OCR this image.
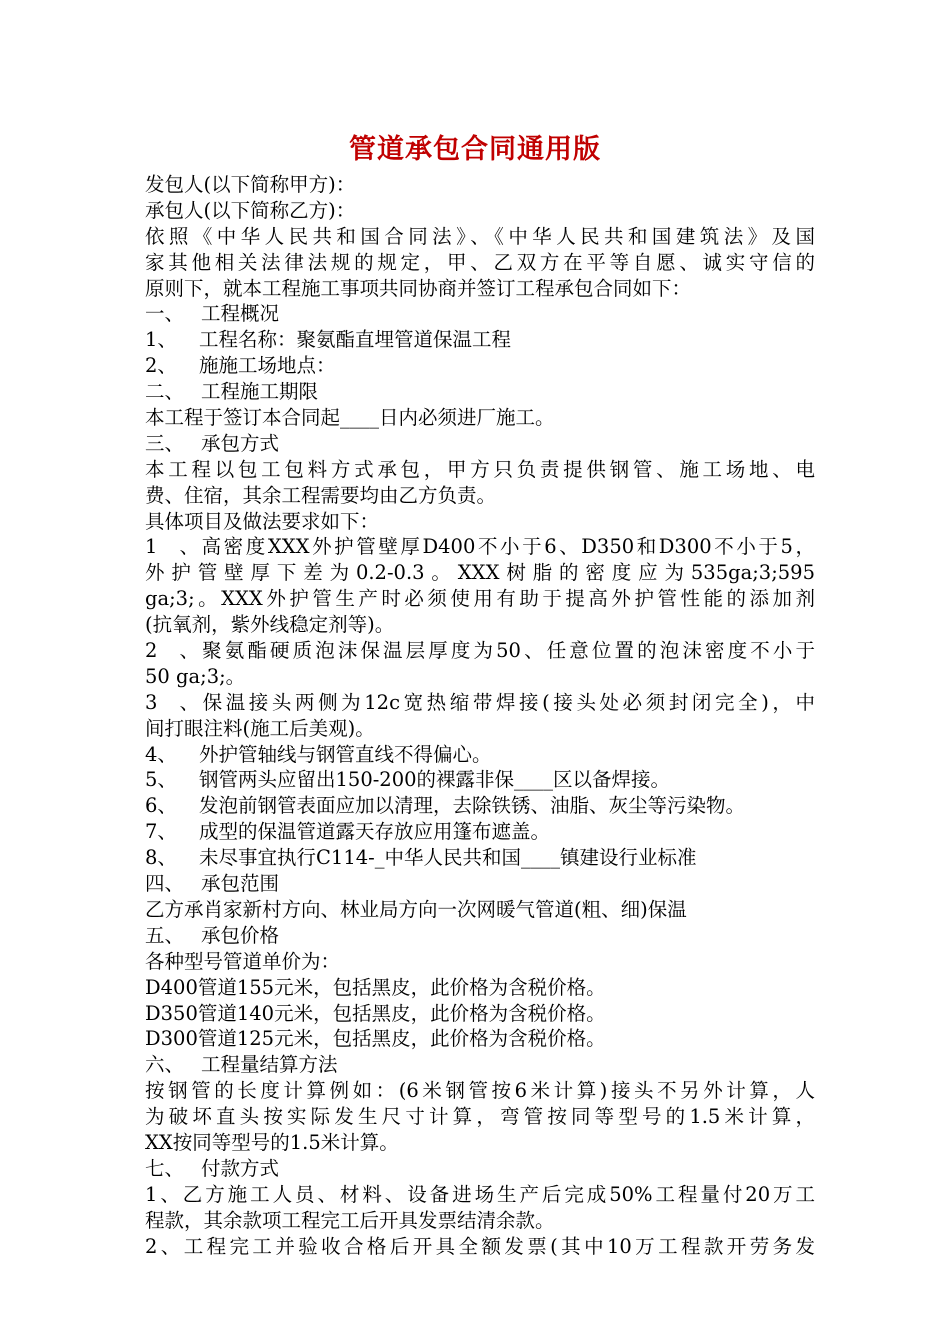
管道承包合同通用版
发包人(以下简称甲方)：
承包人(以下简称乙方)：
依照《中华人民共和国合同法》、《中华人民共和国建筑法》及国
家其他相关法律法规的规定，甲、乙双方在平等自愿、诚实守信的
原则下，就本工程施工事项共同协商并签订工程承包合同如下：
一、 工程概况
1、 工程名称：聚氨酯直埋管道保温工程
2、 施施工场地点：
二、 工程施工期限
本工程于签订本合同起____日内必须进厂施工。
三、 承包方式
本工程以包工包料方式承包，甲方只负责提供钢管、施工场地、电
费、住宿，其余工程需要均由乙方负责。
具体项目及做法要求如下：
1、高密度XXX外护管壁厚D400不小于6、D350和D300不小于5，
外护管壁厚下差为0.2-0.3。XXX树脂的密度应为535ga;3;595
ga;3;。XXX外护管生产时必须使用有助于提高外护管性能的添加剂
(抗氧剂，紫外线稳定剂等)。
2、聚氨酯硬质泡沫保温层厚度为50、任意位置的泡沫密度不小于
50 ga;3;。
3、保温接头两侧为12c宽热缩带焊接(接头处必须封闭完全)，中
间打眼注料(施工后美观)。
4、 外护管轴线与钢管直线不得偏心。
5、 钢管两头应留出150-200的裸露非保____区以备焊接。
6、 发泡前钢管表面应加以清理，去除铁锈、油脂、灰尘等污染物。
7、 成型的保温管道露天存放应用篷布遮盖。
8、 未尽事宜执行C114-_中华人民共和国____镇建设行业标准
四、 承包范围
乙方承肖家新村方向、林业局方向一次网暖气管道(粗、细)保温
五、 承包价格
各种型号管道单价为：
D400管道155元米，包括黑皮，此价格为含税价格。
D350管道140元米，包括黑皮，此价格为含税价格。
D300管道125元米，包括黑皮，此价格为含税价格。
六、 工程量结算方法
按钢管的长度计算例如：(6米钢管按6米计算)接头不另外计算，人
为破坏直头按实际发生尺寸计算，弯管按同等型号的1.5米计算，
XX按同等型号的1.5米计算。
七、 付款方式
1、乙方施工人员、材料、设备进场生产后完成50%工程量付20万工
程款，其余款项工程完工后开具发票结清余款。
2、工程完工并验收合格后开具全额发票(其中10万工程款开劳务发
